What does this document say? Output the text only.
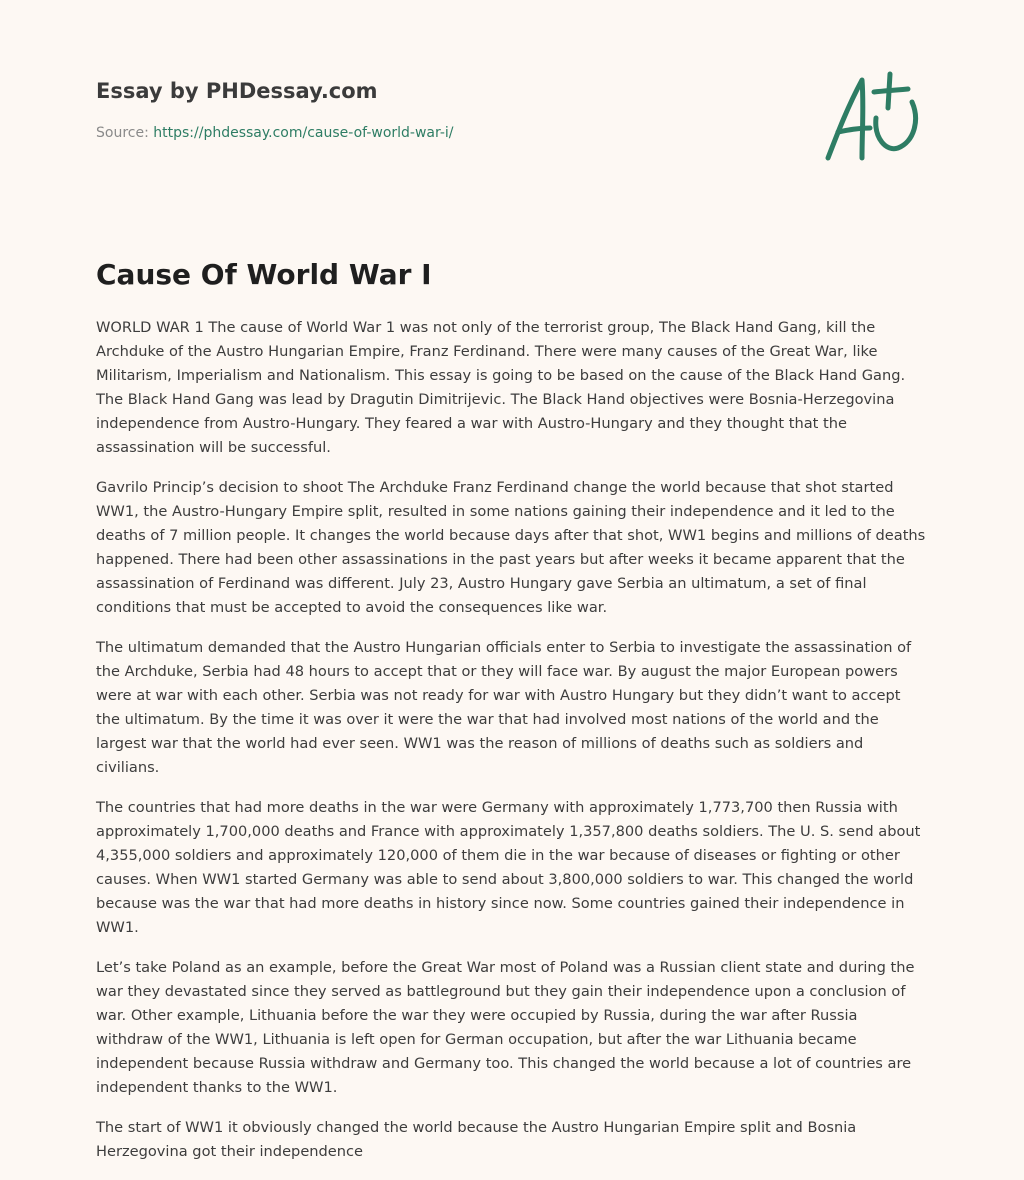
Essay by PHDessay.com
Source: https://phdessay.com/cause-of-world-war-i/
Cause Of World War I

WORLD WAR 1 The cause of World War 1 was not only of the terrorist group, The Black Hand Gang, kill the Archduke of the Austro Hungarian Empire, Franz Ferdinand. There were many causes of the Great War, like Militarism, Imperialism and Nationalism. This essay is going to be based on the cause of the Black Hand Gang. The Black Hand Gang was lead by Dragutin Dimitrijevic. The Black Hand objectives were Bosnia-Herzegovina independence from Austro-Hungary. They feared a war with Austro-Hungary and they thought that the assassination will be successful.

Gavrilo Princip’s decision to shoot The Archduke Franz Ferdinand change the world because that shot started WW1, the Austro-Hungary Empire split, resulted in some nations gaining their independence and it led to the deaths of 7 million people. It changes the world because days after that shot, WW1 begins and millions of deaths happened. There had been other assassinations in the past years but after weeks it became apparent that the assassination of Ferdinand was different. July 23, Austro Hungary gave Serbia an ultimatum, a set of final conditions that must be accepted to avoid the consequences like war.

The ultimatum demanded that the Austro Hungarian officials enter to Serbia to investigate the assassination of the Archduke, Serbia had 48 hours to accept that or they will face war. By august the major European powers were at war with each other. Serbia was not ready for war with Austro Hungary but they didn’t want to accept the ultimatum. By the time it was over it were the war that had involved most nations of the world and the largest war that the world had ever seen. WW1 was the reason of millions of deaths such as soldiers and civilians.

The countries that had more deaths in the war were Germany with approximately 1,773,700 then Russia with approximately 1,700,000 deaths and France with approximately 1,357,800 deaths soldiers. The U. S. send about 4,355,000 soldiers and approximately 120,000 of them die in the war because of diseases or fighting or other causes. When WW1 started Germany was able to send about 3,800,000 soldiers to war. This changed the world because was the war that had more deaths in history since now. Some countries gained their independence in WW1.

Let’s take Poland as an example, before the Great War most of Poland was a Russian client state and during the war they devastated since they served as battleground but they gain their independence upon a conclusion of war. Other example, Lithuania before the war they were occupied by Russia, during the war after Russia withdraw of the WW1, Lithuania is left open for German occupation, but after the war Lithuania became independent because Russia withdraw and Germany too. This changed the world because a lot of countries are independent thanks to the WW1.

The start of WW1 it obviously changed the world because the Austro Hungarian Empire split and Bosnia Herzegovina got their independence
